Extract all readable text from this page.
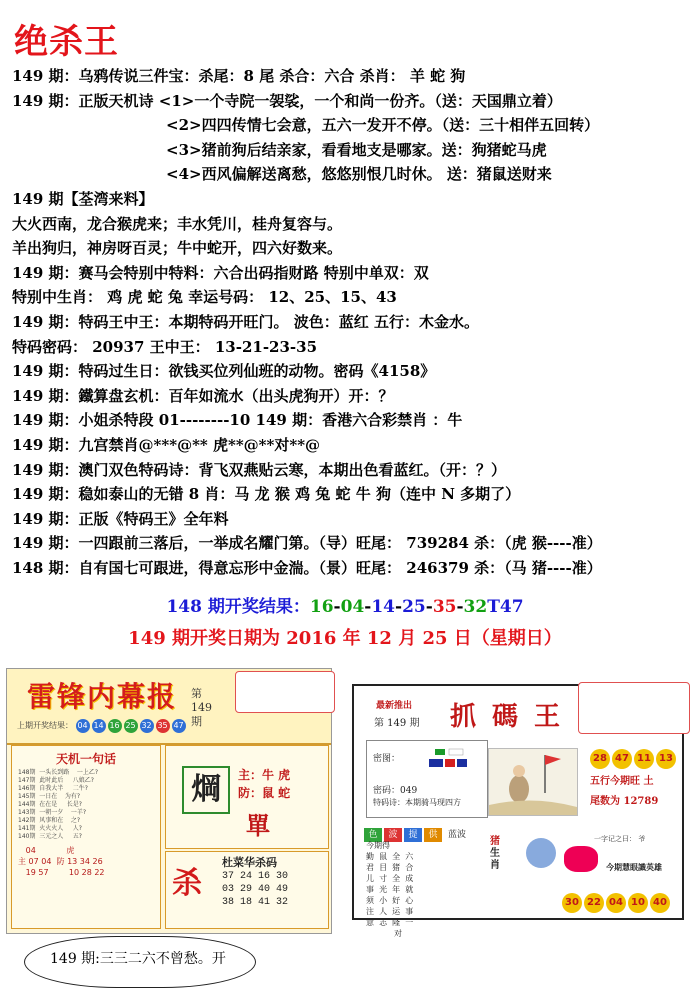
绝杀王
149 期：乌鸦传说三件宝：杀尾：8 尾 杀合：六合 杀肖： 羊 蛇 狗
149 期：正版天机诗 <1>一个寺院一袈裟，一个和尚一份齐。（送：天国鼎立着）
<2>四四传情七会意，五六一发开不停。（送：三十相伴五回转）
<3>猪前狗后结亲家，看看地支是哪家。送：狗猪蛇马虎
<4>西风偏解送离愁，悠悠别恨几时休。 送：猪鼠送财来
149 期【荃湾来料】
大火西南，龙合猴虎来；丰水凭川，桂舟复容与。
羊出狗归，神房呀百灵；牛中蛇开，四六好数来。
149 期：赛马会特别中特料：六合出码指财路 特别中单双：双
特别中生肖： 鸡 虎 蛇 兔 幸运号码： 12、25、15、43
149 期：特码王中王：本期特码开旺门。 波色：蓝红 五行：木金水。
特码密码： 20937 王中王： 13-21-23-35
149 期：特码过生日：欲钱买位列仙班的动物。密码《4158》
149 期：鐵算盘玄机：百年如流水（出头虎狗开）开：？
149 期：小姐杀特段 01--------10 149 期：香港六合彩禁肖 ：牛
149 期：九宫禁肖@***@** 虎**@**对**@
149 期：澳门双色特码诗：背飞双燕贴云寒，本期出色看蓝红。（开：？）
149 期：稳如泰山的无错 8 肖：马 龙 猴 鸡 兔 蛇 牛 狗（连中 N 多期了）
149 期：正版《特码王》全年料
149 期：一四跟前三落后，一举成名耀门第。（导）旺尾： 739284 杀：（虎 猴----准）
148 期：自有国七可跟进，得意忘形中金湍。（景）旺尾： 246379 杀：（马 猪----准）
148 期开奖结果：16-04-14-25-35-32T47
149 期开奖日期为 2016 年 12 月 25 日（星期日）
雷锋内幕报 第
149
期
上期开奖结果： 04 14 16 25 32 35 47
天机一句话
148期  一头长到路    一上乙?
147期  此时此后     八娘乙?
146期  自我大半     二牛?
145期  一日在    为有?
144期  在在是     长是?
143期  一朝一夕    一羊?
142期  风事和在    之?
141期  火火火人     人?
140期  三元之人     五?
04            虎
主 07 04  防 13 34 26
19 57        10 28 22
焵	主：牛 虎
防：鼠 蛇
單
杀
杜菜华杀码
37 24 16 30
03 29 40 49
38 18 41 32
最新推出
第 149 期 抓碼王
密图：
密码：049
特码诗：本期骑马现四方
28 47 11 13
五行今期旺 土
尾数为 12789
色 波 提 供 蓝波
今期得
勤  鼠  全  六
君  目  猪  合
儿  寸  全  成
事  光  年  就
须  小  好  心
注  人  运  事
意  志  隆  一
对
猪
生
肖
一字记之曰： 爷
今期慧眼識英雄
30 22 04 10 40
149 期:三三二六不曾愁。开
